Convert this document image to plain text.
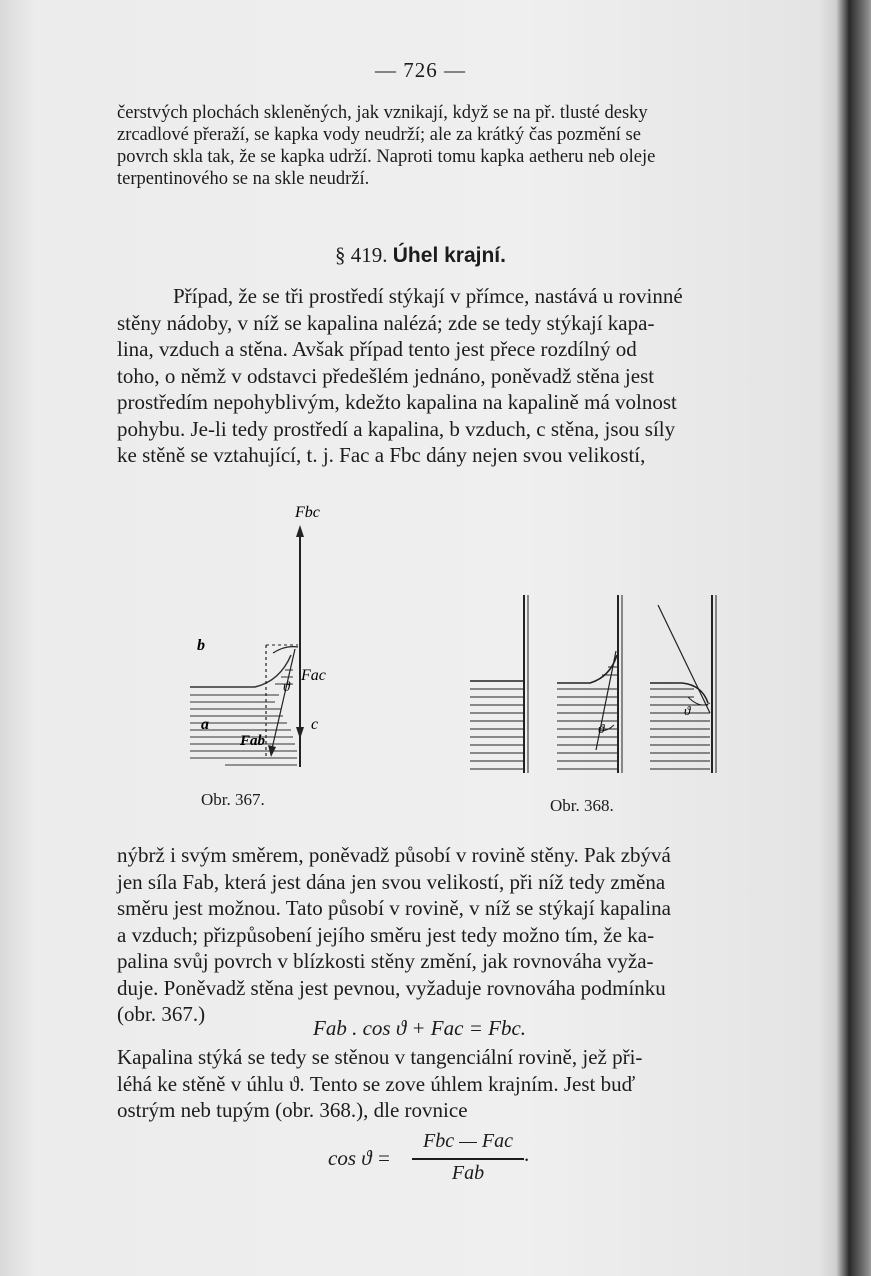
— 726 —
čerstvých plochách skleněných, jak vznikají, když se na př. tlusté desky
zrcadlové přeraží, se kapka vody neudrží; ale za krátký čas pozmění se
povrch skla tak, že se kapka udrží. Naproti tomu kapka aetheru neb oleje
terpentinového se na skle neudrží.
§ 419. Úhel krajní.
Případ, že se tři prostředí stýkají v přímce, nastává u rovinné
stěny nádoby, v níž se kapalina nalézá; zde se tedy stýkají kapa-
lina, vzduch a stěna. Avšak případ tento jest přece rozdílný od
toho, o němž v odstavci předešlém jednáno, poněvadž stěna jest
prostředím nepohyblivým, kdežto kapalina na kapalině má volnost
pohybu. Je-li tedy prostředí a kapalina, b vzduch, c stěna, jsou síly
ke stěně se vztahující, t. j. Fac a Fbc dány nejen svou velikostí,
Fbc
Fac
Fab
ϑ
b
a	c
Obr. 367.
ϑ
ϑ
Obr. 368.
nýbrž i svým směrem, poněvadž působí v rovině stěny. Pak zbývá
jen síla Fab, která jest dána jen svou velikostí, při níž tedy změna
směru jest možnou. Tato působí v rovině, v níž se stýkají kapalina
a vzduch; přizpůsobení jejího směru jest tedy možno tím, že ka-
palina svůj povrch v blízkosti stěny změní, jak rovnováha vyža-
duje. Poněvadž stěna jest pevnou, vyžaduje rovnováha podmínku
(obr. 367.)
Fab . cos ϑ + Fac = Fbc.
Kapalina stýká se tedy se stěnou v tangenciální rovině, jež při-
léhá ke stěně v úhlu ϑ. Tento se zove úhlem krajním. Jest buď
ostrým neb tupým (obr. 368.), dle rovnice
cos ϑ =
Fbc — Fac
Fab
.
